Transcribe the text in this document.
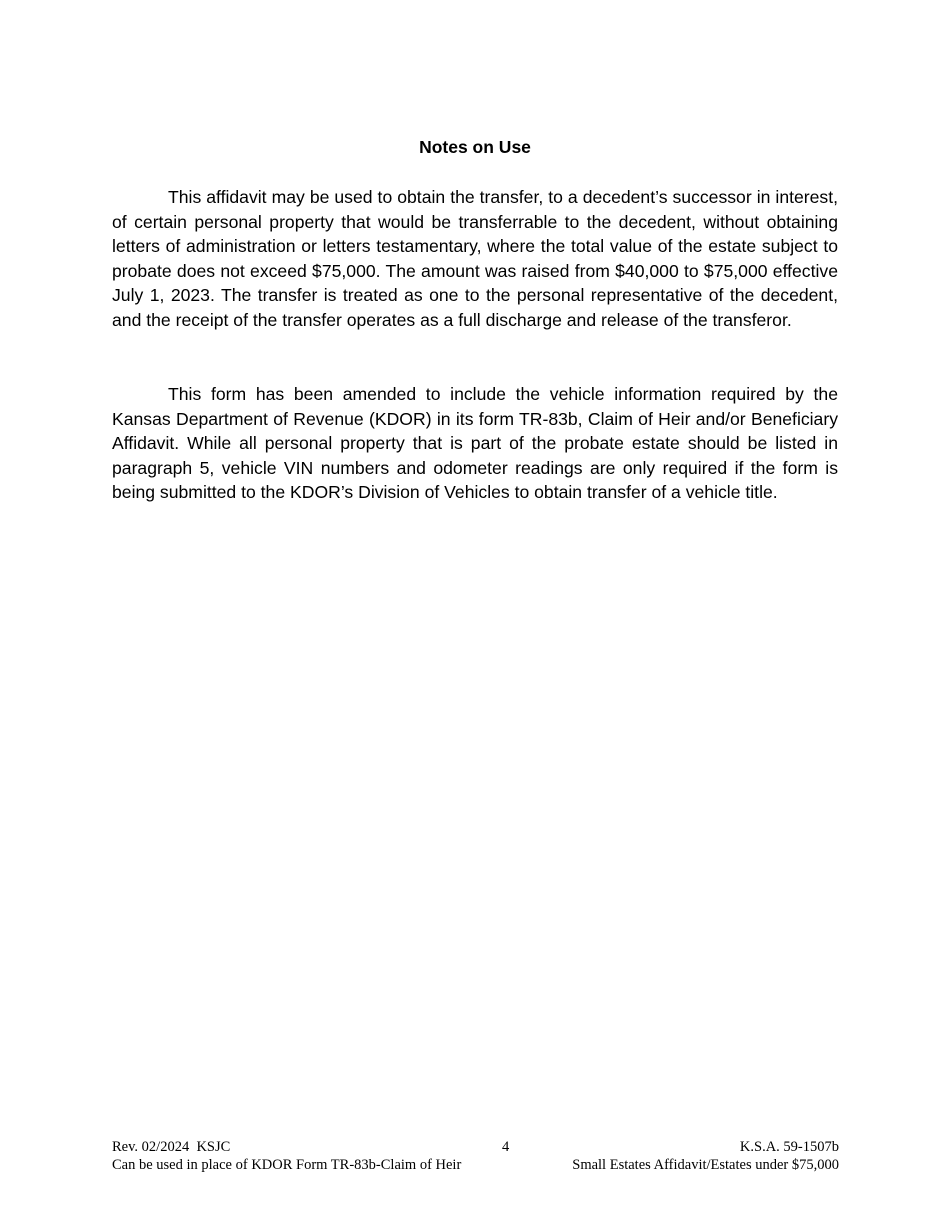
Notes on Use

This affidavit may be used to obtain the transfer, to a decedent’s successor in interest, of certain personal property that would be transferrable to the decedent, without obtaining letters of administration or letters testamentary, where the total value of the estate subject to probate does not exceed $75,000. The amount was raised from $40,000 to $75,000 effective July 1, 2023. The transfer is treated as one to the personal representative of the decedent, and the receipt of the transfer operates as a full discharge and release of the transferor.

This form has been amended to include the vehicle information required by the Kansas Department of Revenue (KDOR) in its form TR-83b, Claim of Heir and/or Beneficiary Affidavit. While all personal property that is part of the probate estate should be listed in paragraph 5, vehicle VIN numbers and odometer readings are only required if the form is being submitted to the KDOR’s Division of Vehicles to obtain transfer of a vehicle title.

Rev. 02/2024  KSJC	4	K.S.A. 59-1507b
Can be used in place of KDOR Form TR-83b-Claim of Heir	Small Estates Affidavit/Estates under $75,000
